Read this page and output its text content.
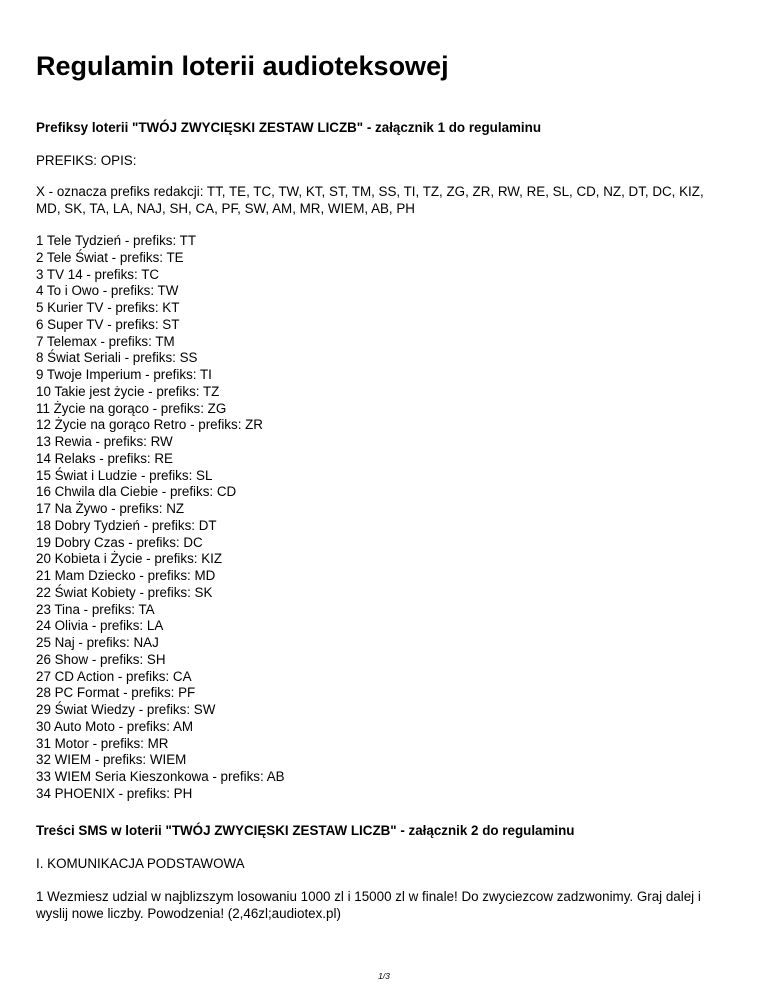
Regulamin loterii audioteksowej

Prefiksy loterii "TWÓJ ZWYCIĘSKI ZESTAW LICZB" - załącznik 1 do regulaminu

PREFIKS: OPIS:

X - oznacza prefiks redakcji: TT, TE, TC, TW, KT, ST, TM, SS, TI, TZ, ZG, ZR, RW, RE, SL, CD, NZ, DT, DC, KIZ, MD, SK, TA, LA, NAJ, SH, CA, PF, SW, AM, MR, WIEM, AB, PH

1 Tele Tydzień - prefiks: TT
2 Tele Świat - prefiks: TE
3 TV 14 - prefiks: TC
4 To i Owo - prefiks: TW
5 Kurier TV - prefiks: KT
6 Super TV - prefiks: ST
7 Telemax - prefiks: TM
8 Świat Seriali - prefiks: SS
9 Twoje Imperium - prefiks: TI
10 Takie jest życie - prefiks: TZ
11 Życie na gorąco - prefiks: ZG
12 Życie na gorąco Retro - prefiks: ZR
13 Rewia - prefiks: RW
14 Relaks - prefiks: RE
15 Świat i Ludzie - prefiks: SL
16 Chwila dla Ciebie - prefiks: CD
17 Na Żywo - prefiks: NZ
18 Dobry Tydzień - prefiks: DT
19 Dobry Czas - prefiks: DC
20 Kobieta i Życie - prefiks: KIZ
21 Mam Dziecko - prefiks: MD
22 Świat Kobiety - prefiks: SK
23 Tina - prefiks: TA
24 Olivia - prefiks: LA
25 Naj - prefiks: NAJ
26 Show - prefiks: SH
27 CD Action - prefiks: CA
28 PC Format - prefiks: PF
29 Świat Wiedzy - prefiks: SW
30 Auto Moto - prefiks: AM
31 Motor - prefiks: MR
32 WIEM - prefiks: WIEM
33 WIEM Seria Kieszonkowa - prefiks: AB
34 PHOENIX - prefiks: PH

Treści SMS w loterii "TWÓJ ZWYCIĘSKI ZESTAW LICZB" - załącznik 2 do regulaminu

I. KOMUNIKACJA PODSTAWOWA

1 Wezmiesz udzial w najblizszym losowaniu 1000 zl i 15000 zl w finale! Do zwyciezcow zadzwonimy. Graj dalej i wyslij nowe liczby. Powodzenia! (2,46zl;audiotex.pl)

1/3
